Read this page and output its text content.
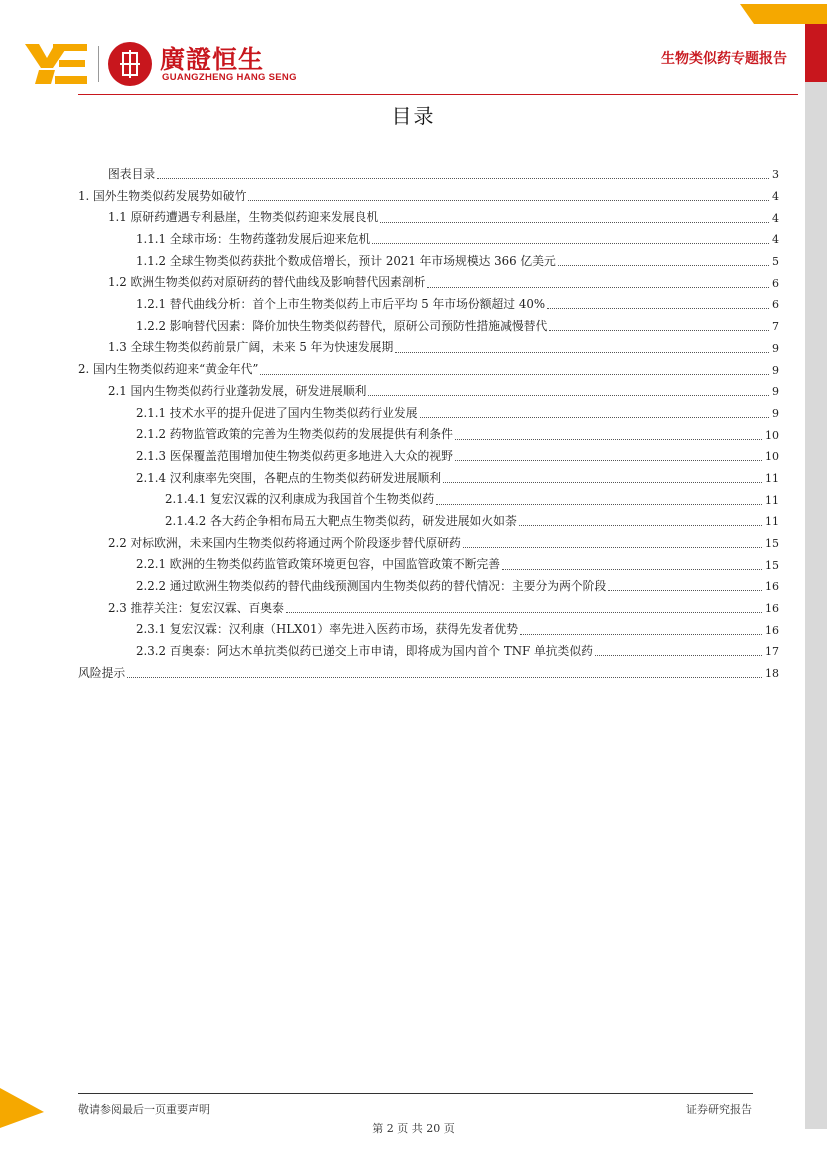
廣證恒生
GUANGZHENG HANG SENG
生物类似药专题报告
目录
图表目录	3
1. 国外生物类似药发展势如破竹	4
1.1 原研药遭遇专利悬崖，生物类似药迎来发展良机	4
1.1.1 全球市场：生物药蓬勃发展后迎来危机	4
1.1.2 全球生物类似药获批个数成倍增长，预计 2021 年市场规模达 366 亿美元	5
1.2 欧洲生物类似药对原研药的替代曲线及影响替代因素剖析	6
1.2.1 替代曲线分析：首个上市生物类似药上市后平均 5 年市场份额超过 40%	6
1.2.2 影响替代因素：降价加快生物类似药替代，原研公司预防性措施减慢替代	7
1.3 全球生物类似药前景广阔，未来 5 年为快速发展期	9
2. 国内生物类似药迎来“黄金年代”	9
2.1 国内生物类似药行业蓬勃发展，研发进展顺利	9
2.1.1 技术水平的提升促进了国内生物类似药行业发展	9
2.1.2 药物监管政策的完善为生物类似药的发展提供有利条件	10
2.1.3 医保覆盖范围增加使生物类似药更多地进入大众的视野	10
2.1.4 汉利康率先突围，各靶点的生物类似药研发进展顺利	11
2.1.4.1 复宏汉霖的汉利康成为我国首个生物类似药	11
2.1.4.2 各大药企争相布局五大靶点生物类似药，研发进展如火如荼	11
2.2 对标欧洲，未来国内生物类似药将通过两个阶段逐步替代原研药	15
2.2.1 欧洲的生物类似药监管政策环境更包容，中国监管政策不断完善	15
2.2.2 通过欧洲生物类似药的替代曲线预测国内生物类似药的替代情况：主要分为两个阶段	16
2.3 推荐关注：复宏汉霖、百奥泰	16
2.3.1 复宏汉霖：汉利康（HLX01）率先进入医药市场，获得先发者优势	16
2.3.2 百奥泰：阿达木单抗类似药已递交上市申请，即将成为国内首个 TNF 单抗类似药	17
风险提示	18
敬请参阅最后一页重要声明	证券研究报告
第 2 页 共 20 页
